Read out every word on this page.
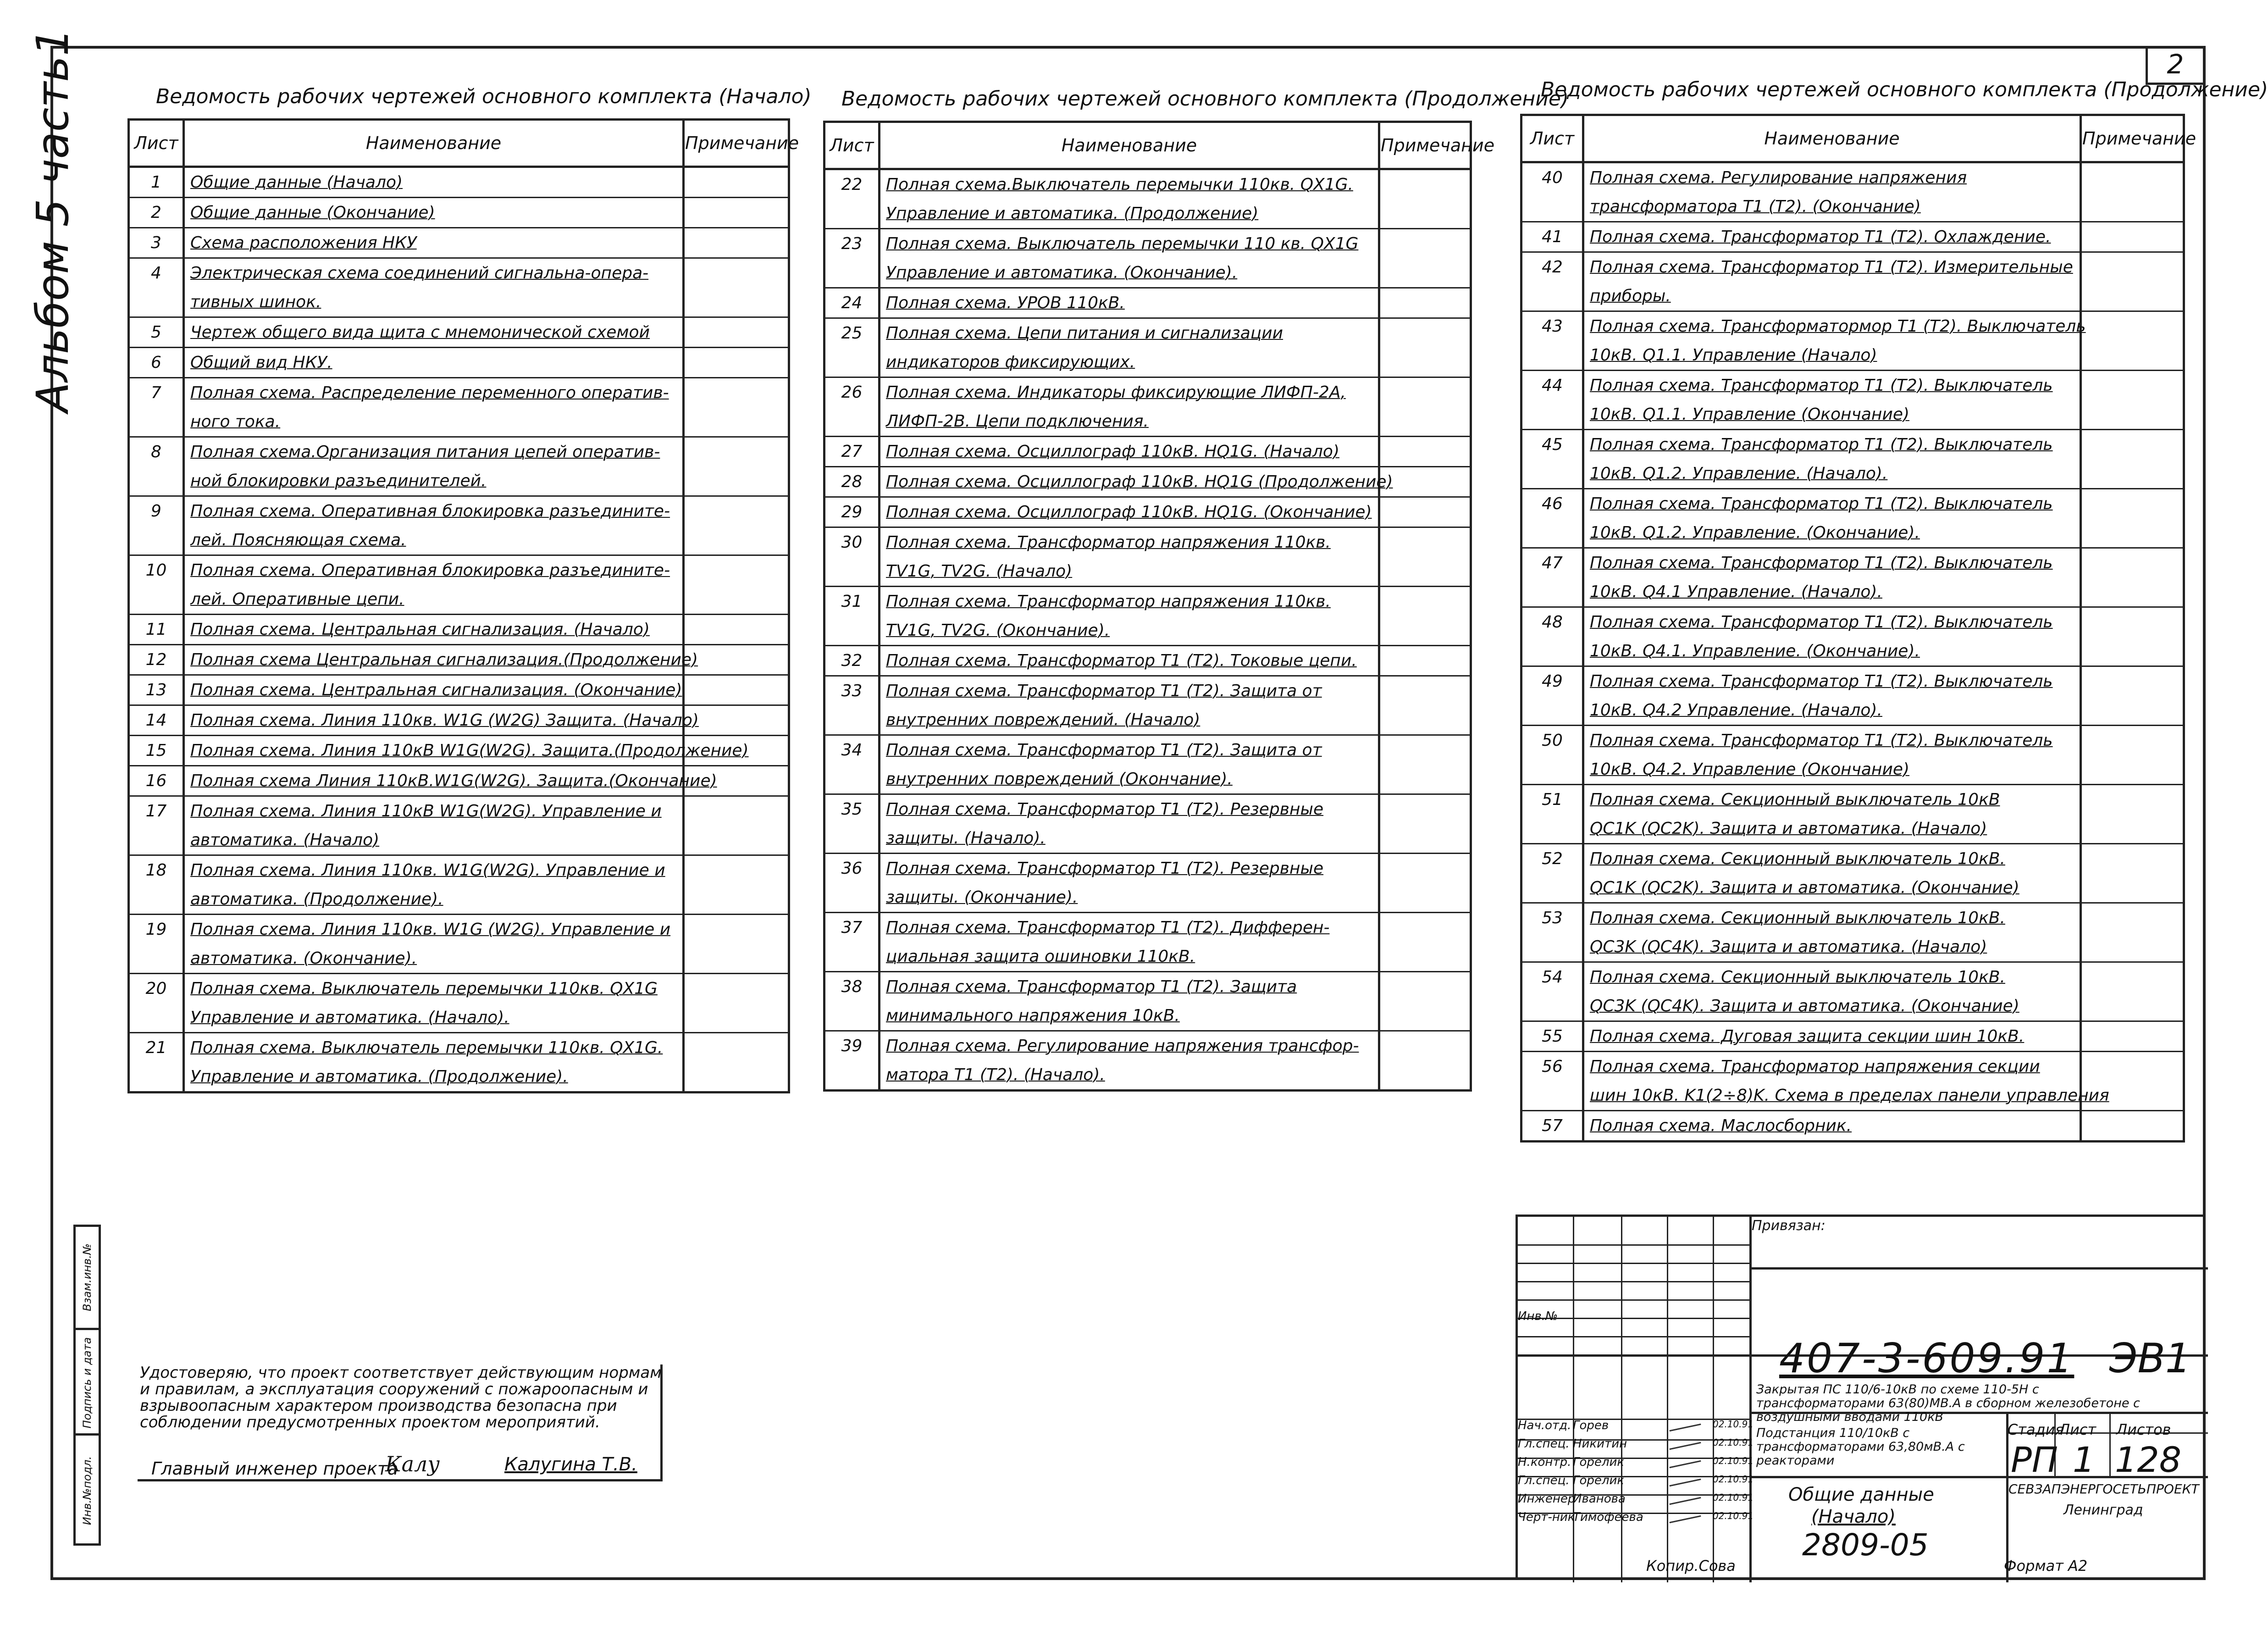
2
Альбом 5 часть1	Ведомость рабочих чертежей основного комплекта (Начало)
Лист	Наименование	Примечание
1	Общие данные (Начало)	
2	Общие данные (Окончание)	
3	Схема расположения НКУ	
4	Электрическая схема соединений сигнальна-опера-	
	тивных шинок.	
5	Чертеж общего вида щита с мнемонической схемой	
6	Общий вид НКУ.	
7	Полная схема. Распределение переменного оператив-	
	ного тока.	
8	Полная схема.Организация питания цепей оператив-	
	ной блокировки разъединителей.	
9	Полная схема. Оперативная блокировка разъедините-	
	лей. Поясняющая схема.	
10	Полная схема. Оперативная блокировка разъедините-	
	лей. Оперативные цепи.	
11	Полная схема. Центральная сигнализация. (Начало)	
12	Полная схема Центральная сигнализация.(Продолжение)	
13	Полная схема. Центральная сигнализация. (Окончание)	
14	Полная схема. Линия 110кв. W1G (W2G) Защита. (Начало)	
15	Полная схема. Линия 110кВ W1G(W2G). Защита.(Продолжение)	
16	Полная схема Линия 110кВ.W1G(W2G). Защита.(Окончание)	
17	Полная схема. Линия 110кВ W1G(W2G). Управление и	
	автоматика. (Начало)	
18	Полная схема. Линия 110кв. W1G(W2G). Управление и	
	автоматика. (Продолжение).	
19	Полная схема. Линия 110кв. W1G (W2G). Управление и	
	автоматика. (Окончание).	
20	Полная схема. Выключатель перемычки 110кв. QX1G	
	Управление и автоматика. (Начало).	
21	Полная схема. Выключатель перемычки 110кв. QX1G.	
	Управление и автоматика. (Продолжение).	
Ведомость рабочих чертежей основного комплекта (Продолжение)
Лист	Наименование	Примечание
22	Полная схема.Выключатель перемычки 110кв. QX1G.	
	Управление и автоматика. (Продолжение)	
23	Полная схема. Выключатель перемычки 110 кв. QX1G	
	Управление и автоматика. (Окончание).	
24	Полная схема. УРОВ 110кВ.	
25	Полная схема. Цепи питания и сигнализации	
	индикаторов фиксирующих.	
26	Полная схема. Индикаторы фиксирующие ЛИФП-2А,	
	ЛИФП-2В. Цепи подключения.	
27	Полная схема. Осциллограф 110кВ. HQ1G. (Начало)	
28	Полная схема. Осциллограф 110кВ. HQ1G (Продолжение)	
29	Полная схема. Осциллограф 110кВ. HQ1G. (Окончание)	
30	Полная схема. Трансформатор напряжения 110кв.	
	TV1G, TV2G. (Начало)	
31	Полная схема. Трансформатор напряжения 110кв.	
	TV1G, TV2G. (Окончание).	
32	Полная схема. Трансформатор T1 (T2). Токовые цепи.	
33	Полная схема. Трансформатор T1 (T2). Защита от	
	внутренних повреждений. (Начало)	
34	Полная схема. Трансформатор T1 (T2). Защита от	
	внутренних повреждений (Окончание).	
35	Полная схема. Трансформатор T1 (T2). Резервные	
	защиты. (Начало).	
36	Полная схема. Трансформатор T1 (T2). Резервные	
	защиты. (Окончание).	
37	Полная схема. Трансформатор T1 (T2). Дифферен-	
	циальная защита ошиновки 110кВ.	
38	Полная схема. Трансформатор T1 (T2). Защита	
	минимального напряжения 10кВ.	
39	Полная схема. Регулирование напряжения трансфор-	
	матора T1 (T2). (Начало).	
Ведомость рабочих чертежей основного комплекта (Продолжение)
Лист	Наименование	Примечание
40	Полная схема. Регулирование напряжения	
	трансформатора T1 (T2). (Окончание)	
41	Полная схема. Трансформатор T1 (T2). Охлаждение.	
42	Полная схема. Трансформатор T1 (T2). Измерительные	
	приборы.	
43	Полная схема. Трансформатормор T1 (T2). Выключатель	
	10кВ. Q1.1. Управление (Начало)	
44	Полная схема. Трансформатор T1 (T2). Выключатель	
	10кВ. Q1.1. Управление (Окончание)	
45	Полная схема. Трансформатор T1 (T2). Выключатель	
	10кВ. Q1.2. Управление. (Начало).	
46	Полная схема. Трансформатор T1 (T2). Выключатель	
	10кВ. Q1.2. Управление. (Окончание).	
47	Полная схема. Трансформатор T1 (T2). Выключатель	
	10кВ. Q4.1 Управление. (Начало).	
48	Полная схема. Трансформатор T1 (T2). Выключатель	
	10кВ. Q4.1. Управление. (Окончание).	
49	Полная схема. Трансформатор T1 (T2). Выключатель	
	10кВ. Q4.2 Управление. (Начало).	
50	Полная схема. Трансформатор T1 (T2). Выключатель	
	10кВ. Q4.2. Управление (Окончание)	
51	Полная схема. Секционный выключатель 10кВ	
	QC1K (QC2K). Защита и автоматика. (Начало)	
52	Полная схема. Секционный выключатель 10кВ.	
	QC1K (QC2K). Защита и автоматика. (Окончание)	
53	Полная схема. Секционный выключатель 10кВ.	
	QC3K (QC4K). Защита и автоматика. (Начало)	
54	Полная схема. Секционный выключатель 10кВ.	
	QC3K (QC4K). Защита и автоматика. (Окончание)	
55	Полная схема. Дуговая защита секции шин 10кВ.	
56	Полная схема. Трансформатор напряжения секции	
	шин 10кВ. K1(2÷8)K. Схема в пределах панели управления	
57	Полная схема. Маслосборник.	
Взам.инв.№
Подпись и дата
Инв.№подл.
Удостоверяю, что проект соответствует действующим нормам и правилам, а эксплуатация сооружений с пожароопасным и взрывоопасным характером производства безопасна при соблюдении предусмотренных проектом мероприятий.
Главный инженер проекта
Калу	Калугина Т.В.
Привязан:
Инв.№
407-3-609.91 ЭВ1
Закрытая ПС 110/6-10кВ по схеме 110-5Н с трансформаторами 63(80)МВ.А в сборном железобетоне с воздушными вводами 110кВ
Подстанция 110/10кВ с трансформаторами 63,80мВ.А с реакторами
Общие данные
(Начало)
Нач.отд. Горев	02.10.91
Гл.спец. Никитин	02.10.91
Н.контр. Горелик	02.10.91
Гл.спец. Горелик	02.10.91
Инженер
Иванова	02.10.91
Черт-ник
Тимофеева	02.10.91
Стадия
Лист Листов
РП 1 128
СЕВЗАПЭНЕРГОСЕТЬПРОЕКТ
Ленинград
Копир.Сова
2809-05
Формат А2
